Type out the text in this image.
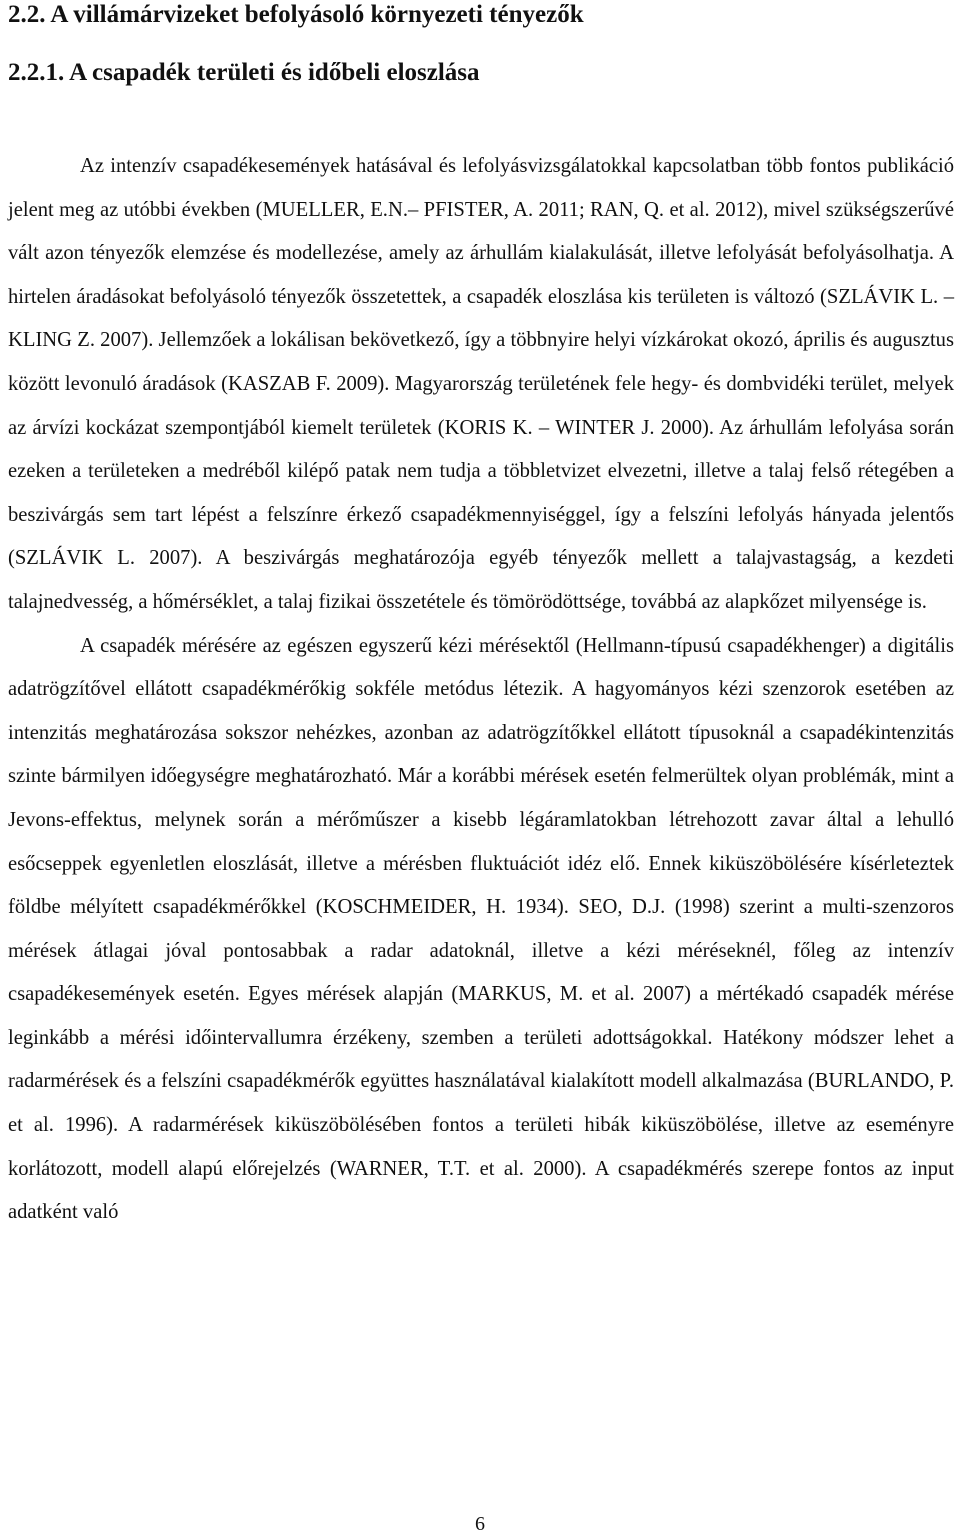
2.2. A villámárvizeket befolyásoló környezeti tényezők
2.2.1. A csapadék területi és időbeli eloszlása

Az intenzív csapadékesemények hatásával és lefolyásvizsgálatokkal kapcsolatban több fontos publikáció jelent meg az utóbbi években (MUELLER, E.N.– PFISTER, A. 2011; RAN, Q. et al. 2012), mivel szükségszerűvé vált azon tényezők elemzése és modellezése, amely az árhullám kialakulását, illetve lefolyását befolyásolhatja. A hirtelen áradásokat befolyásoló tényezők összetettek, a csapadék eloszlása kis területen is változó (SZLÁVIK L. – KLING Z. 2007). Jellemzőek a lokálisan bekövetkező, így a többnyire helyi vízkárokat okozó, április és augusztus között levonuló áradások (KASZAB F. 2009). Magyarország területének fele hegy- és dombvidéki terület, melyek az árvízi kockázat szempontjából kiemelt területek (KORIS K. – WINTER J. 2000). Az árhullám lefolyása során ezeken a területeken a medréből kilépő patak nem tudja a többletvizet elvezetni, illetve a talaj felső rétegében a beszivárgás sem tart lépést a felszínre érkező csapadékmennyiséggel, így a felszíni lefolyás hányada jelentős (SZLÁVIK L. 2007). A beszivárgás meghatározója egyéb tényezők mellett a talajvastagság, a kezdeti talajnedvesség, a hőmérséklet, a talaj fizikai összetétele és tömörödöttsége, továbbá az alapkőzet milyensége is.

A csapadék mérésére az egészen egyszerű kézi mérésektől (Hellmann-típusú csapadékhenger) a digitális adatrögzítővel ellátott csapadékmérőkig sokféle metódus létezik. A hagyományos kézi szenzorok esetében az intenzitás meghatározása sokszor nehézkes, azonban az adatrögzítőkkel ellátott típusoknál a csapadékintenzitás szinte bármilyen időegységre meghatározható. Már a korábbi mérések esetén felmerültek olyan problémák, mint a Jevons-effektus, melynek során a mérőműszer a kisebb légáramlatokban létrehozott zavar által a lehulló esőcseppek egyenletlen eloszlását, illetve a mérésben fluktuációt idéz elő. Ennek kiküszöbölésére kísérleteztek földbe mélyített csapadékmérőkkel (KOSCHMEIDER, H. 1934). SEO, D.J. (1998) szerint a multi-szenzoros mérések átlagai jóval pontosabbak a radar adatoknál, illetve a kézi méréseknél, főleg az intenzív csapadékesemények esetén. Egyes mérések alapján (MARKUS, M. et al. 2007) a mértékadó csapadék mérése leginkább a mérési időintervallumra érzékeny, szemben a területi adottságokkal. Hatékony módszer lehet a radarmérések és a felszíni csapadékmérők együttes használatával kialakított modell alkalmazása (BURLANDO, P. et al. 1996). A radarmérések kiküszöbölésében fontos a területi hibák kiküszöbölése, illetve az eseményre korlátozott, modell alapú előrejelzés (WARNER, T.T. et al. 2000). A csapadékmérés szerepe fontos az input adatként való

6
